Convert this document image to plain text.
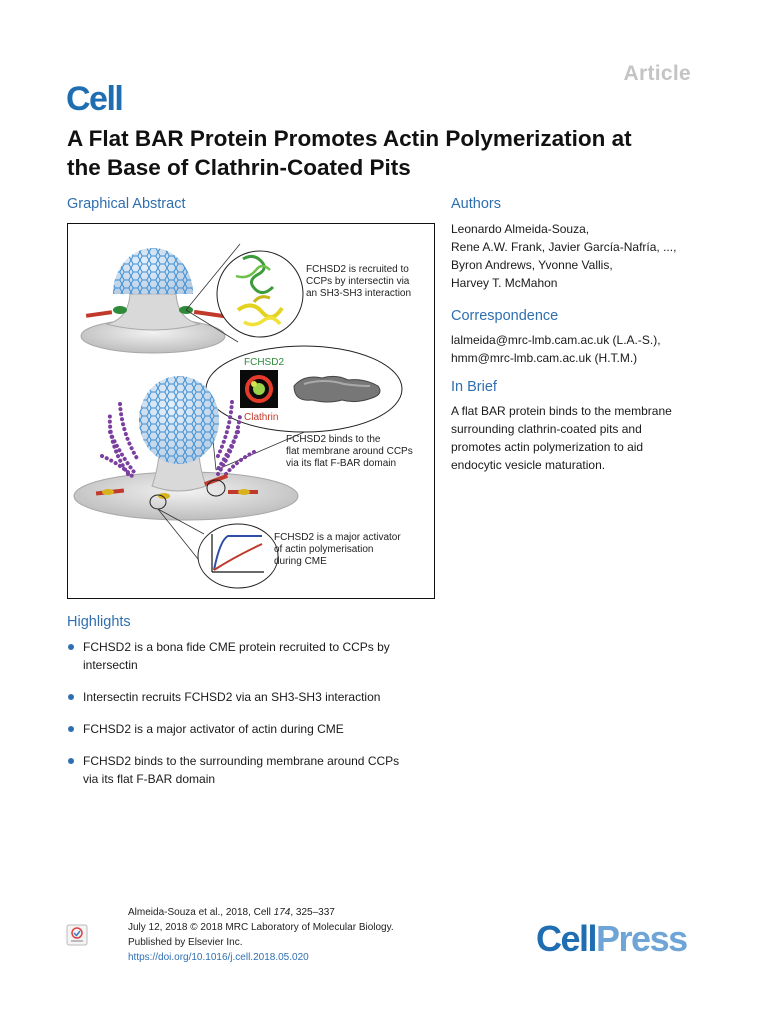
Article
Cell
A Flat BAR Protein Promotes Actin Polymerization at
the Base of Clathrin-Coated Pits
Graphical Abstract
FCHSD2 is recruited to
CCPs by intersectin via
an SH3-SH3 interaction
FCHSD2
Clathrin
FCHSD2 binds to the
flat membrane around CCPs
via its flat F-BAR domain
FCHSD2 is a major activator
of actin polymerisation
during CME
Authors
Leonardo Almeida-Souza,
Rene A.W. Frank, Javier García-Nafría, ...,
Byron Andrews, Yvonne Vallis,
Harvey T. McMahon
Correspondence
lalmeida@mrc-lmb.cam.ac.uk (L.A.-S.),
hmm@mrc-lmb.cam.ac.uk (H.T.M.)
In Brief
A flat BAR protein binds to the membrane
surrounding clathrin-coated pits and
promotes actin polymerization to aid
endocytic vesicle maturation.
Highlights
FCHSD2 is a bona fide CME protein recruited to CCPs by
intersectin
Intersectin recruits FCHSD2 via an SH3-SH3 interaction
FCHSD2 is a major activator of actin during CME
FCHSD2 binds to the surrounding membrane around CCPs
via its flat F-BAR domain
Almeida-Souza et al., 2018, Cell 174, 325–337
July 12, 2018 © 2018 MRC Laboratory of Molecular Biology.
Published by Elsevier Inc.
https://doi.org/10.1016/j.cell.2018.05.020	CellPress
